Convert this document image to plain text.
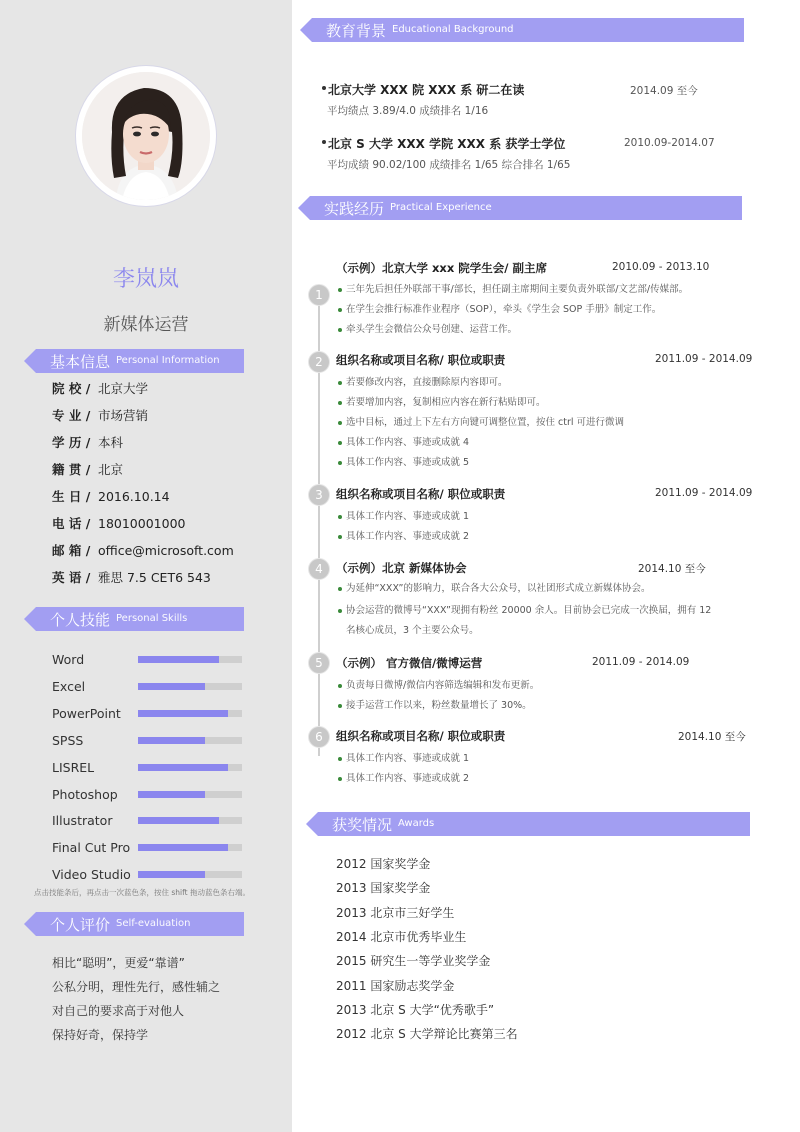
李岚岚
新媒体运营
基本信息 Personal Information
院 校 / 北京大学
专 业 / 市场营销
学 历 / 本科
籍 贯 / 北京
生 日 / 2016.10.14
电 话 / 18010001000
邮 箱 / office@microsoft.com
英 语 / 雅思 7.5 CET6 543
个人技能 Personal Skills
Word
Excel
PowerPoint
SPSS
LISREL
Photoshop
Illustrator
Final Cut Pro
Video Studio
点击技能条后，再点击一次蓝色条，按住 shift 拖动蓝色条右端。
个人评价 Self-evaluation
相比“聪明”，更爱“靠谱”
公私分明，理性先行，感性辅之
对自己的要求高于对他人
保持好奇，保持学
教育背景 Educational Background
北京大学 XXX 院 XXX 系 研二在读	2014.09 至今
平均绩点 3.89/4.0 成绩排名 1/16
北京 S 大学 XXX 学院 XXX 系 获学士学位	2010.09-2014.07
平均成绩 90.02/100 成绩排名 1/65 综合排名 1/65
实践经历 Practical Experience
1
（示例）北京大学 xxx 院学生会/ 副主席	2010.09 - 2013.10
三年先后担任外联部干事/部长，担任副主席期间主要负责外联部/文艺部/传媒部。
在学生会推行标准作业程序（SOP），牵头《学生会 SOP 手册》制定工作。
牵头学生会微信公众号创建、运营工作。
2	组织名称或项目名称/ 职位或职责	2011.09 - 2014.09
若要修改内容，直接删除原内容即可。
若要增加内容，复制相应内容在新行粘贴即可。
选中目标，通过上下左右方向键可调整位置，按住 ctrl 可进行微调
具体工作内容、事迹或成就 4
具体工作内容、事迹或成就 5
3	组织名称或项目名称/ 职位或职责	2011.09 - 2014.09
具体工作内容、事迹或成就 1
具体工作内容、事迹或成就 2
4	（示例）北京 新媒体协会	2014.10 至今
为延伸“XXX”的影响力，联合各大公众号，以社团形式成立新媒体协会。
协会运营的微博号“XXX”现拥有粉丝 20000 余人。目前协会已完成一次换届，拥有 12
名核心成员，3 个主要公众号。
5	（示例） 官方微信/微博运营	2011.09 - 2014.09
负责每日微博/微信内容筛选编辑和发布更新。
接手运营工作以来，粉丝数量增长了 30%。
6	组织名称或项目名称/ 职位或职责	2014.10 至今
具体工作内容、事迹或成就 1
具体工作内容、事迹或成就 2
获奖情况 Awards
2012 国家奖学金
2013 国家奖学金
2013 北京市三好学生
2014 北京市优秀毕业生
2015 研究生一等学业奖学金
2011 国家励志奖学金
2013 北京 S 大学“优秀歌手”
2012 北京 S 大学辩论比赛第三名
